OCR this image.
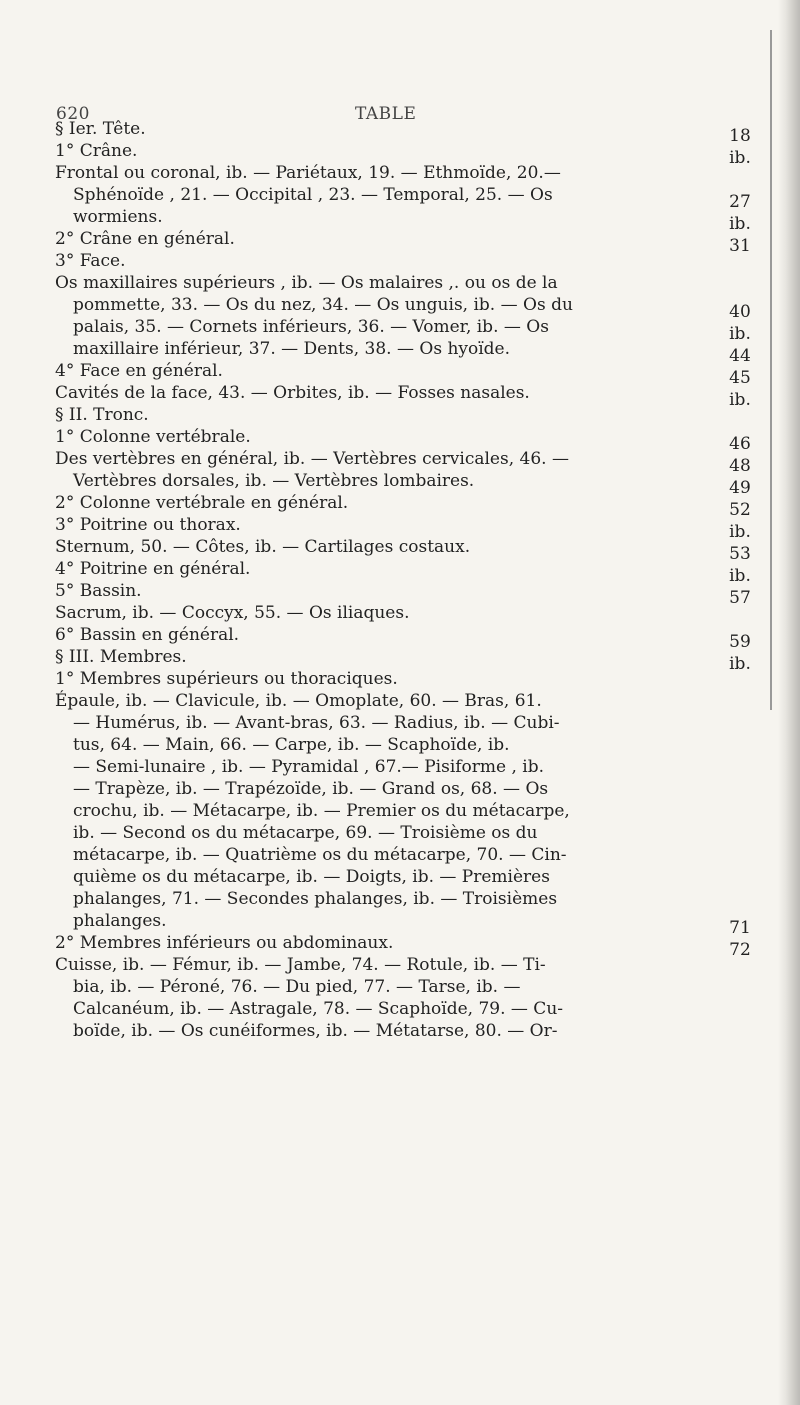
620	TABLE
§ Ier. Tête.
1° Crâne.
Frontal ou coronal, ib. — Pariétaux, 19. — Ethmoïde, 20.—
Sphénoïde , 21. — Occipital , 23. — Temporal, 25. — Os
wormiens.
2° Crâne en général.
3° Face.
Os maxillaires supérieurs , ib. — Os malaires ,. ou os de la
pommette, 33. — Os du nez, 34. — Os unguis, ib. — Os du
palais, 35. — Cornets inférieurs, 36. — Vomer, ib. — Os
maxillaire inférieur, 37. — Dents, 38. — Os hyoïde.
4° Face en général.
Cavités de la face, 43. — Orbites, ib. — Fosses nasales.
§ II. Tronc.
1° Colonne vertébrale.
Des vertèbres en général, ib. — Vertèbres cervicales, 46. —
Vertèbres dorsales, ib. — Vertèbres lombaires.
2° Colonne vertébrale en général.
3° Poitrine ou thorax.
Sternum, 50. — Côtes, ib. — Cartilages costaux.
4° Poitrine en général.
5° Bassin.
Sacrum, ib. — Coccyx, 55. — Os iliaques.
6° Bassin en général.
§ III. Membres.
1° Membres supérieurs ou thoraciques.
Épaule, ib. — Clavicule, ib. — Omoplate, 60. — Bras, 61.
— Humérus, ib. — Avant-bras, 63. — Radius, ib. — Cubi-
tus, 64. — Main, 66. — Carpe, ib. — Scaphoïde, ib.
— Semi-lunaire , ib. — Pyramidal , 67.— Pisiforme , ib.
— Trapèze, ib. — Trapézoïde, ib. — Grand os, 68. — Os
crochu, ib. — Métacarpe, ib. — Premier os du métacarpe,
ib. — Second os du métacarpe, 69. — Troisième os du
métacarpe, ib. — Quatrième os du métacarpe, 70. — Cin-
quième os du métacarpe, ib. — Doigts, ib. — Premières
phalanges, 71. — Secondes phalanges, ib. — Troisièmes
phalanges.
2° Membres inférieurs ou abdominaux.
Cuisse, ib. — Fémur, ib. — Jambe, 74. — Rotule, ib. — Ti-
bia, ib. — Péroné, 76. — Du pied, 77. — Tarse, ib. —
Calcanéum, ib. — Astragale, 78. — Scaphoïde, 79. — Cu-
boïde, ib. — Os cunéiformes, ib. — Métatarse, 80. — Or-
18
ib.
27
ib.
31
40
ib.
44
45
ib.
46
48
49
52
ib.
53
ib.
57
59
ib.
71
72
